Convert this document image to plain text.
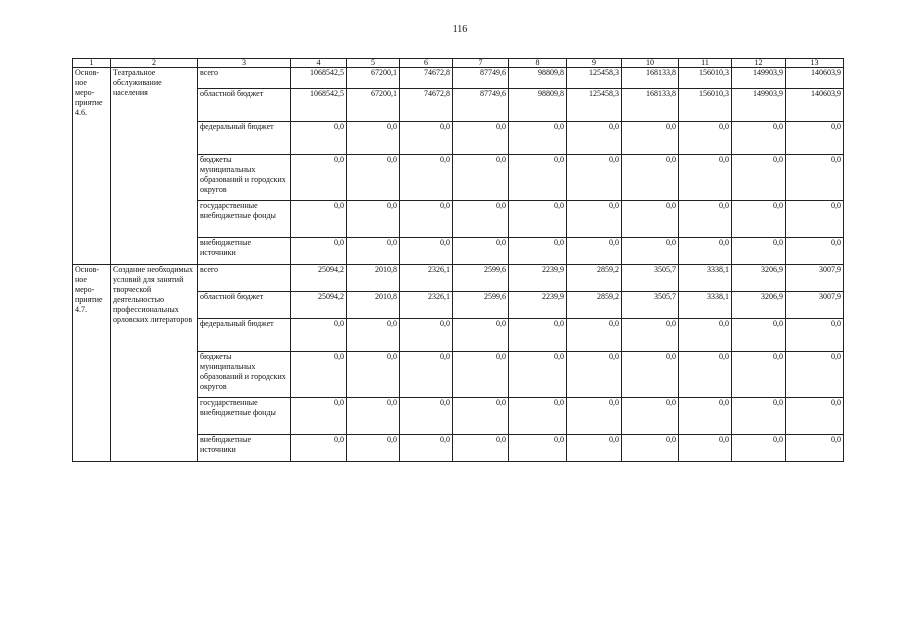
116
1	2	3	4	5	6	7	8	9	10	11	12	13
Основ-ное меро-приятие 4.6.	Театральное обслуживание населения	всего	1068542,5	67200,1	74672,8	87749,6	98809,8	125458,3	168133,8	156010,3	149903,9	140603,9
		областной бюджет	1068542,5	67200,1	74672,8	87749,6	98809,8	125458,3	168133,8	156010,3	149903,9	140603,9
		федеральный бюджет	0,0	0,0	0,0	0,0	0,0	0,0	0,0	0,0	0,0	0,0
		бюджеты муниципальных образований и городских округов	0,0	0,0	0,0	0,0	0,0	0,0	0,0	0,0	0,0	0,0
		государственные внебюджетные фонды	0,0	0,0	0,0	0,0	0,0	0,0	0,0	0,0	0,0	0,0
		внебюджетные источники	0,0	0,0	0,0	0,0	0,0	0,0	0,0	0,0	0,0	0,0
Основ-ное меро-приятие 4.7.	Создание необходимых условий для занятий творческой деятельностью профессиональных орловских литераторов	всего	25094,2	2010,8	2326,1	2599,6	2239,9	2859,2	3505,7	3338,1	3206,9	3007,9
		областной бюджет	25094,2	2010,8	2326,1	2599,6	2239,9	2859,2	3505,7	3338,1	3206,9	3007,9
		федеральный бюджет	0,0	0,0	0,0	0,0	0,0	0,0	0,0	0,0	0,0	0,0
		бюджеты муниципальных образований и городских округов	0,0	0,0	0,0	0,0	0,0	0,0	0,0	0,0	0,0	0,0
		государственные внебюджетные фонды	0,0	0,0	0,0	0,0	0,0	0,0	0,0	0,0	0,0	0,0
		внебюджетные источники	0,0	0,0	0,0	0,0	0,0	0,0	0,0	0,0	0,0	0,0
